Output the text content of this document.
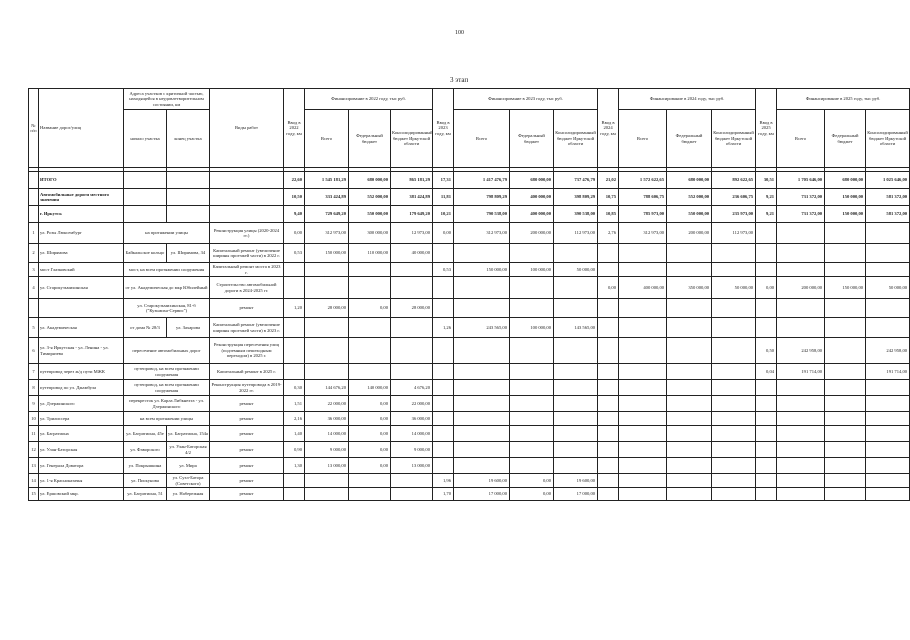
100
3 этап
№ п/п	Название дорог/улиц	Адреса участков с критичной частью, находящейся в неудовлетворительном состоянии, км		Виды работ	Ввод в 2022 году, км	Финансирование в 2022 году, тыс руб.			Ввод в 2023 году, км	Финансирование в 2023 году, тыс руб.			Ввод в 2024 году, км	Финансирование в 2024 году, тыс руб.			Ввод в 2025 году, км	Финансирование в 2025 году, тыс руб.		
		начало участка	конец участка			Всего	Федеральный бюджет	Консолидированный бюджет Иркутской области		Всего	Федеральный бюджет	Консолидированный бюджет Иркутской области		Всего	Федеральный бюджет	Консолидированный бюджет Иркутской области		Всего	Федеральный бюджет	Консолидированный бюджет Иркутской области

	ИТОГО				22,60	1 545 181,29	680 000,00	865 181,29	17,31	1 417 476,79	680 000,00	737 476,79	21,02	1 572 622,65	680 000,00	892 622,65	30,51	1 705 646,00	680 000,00	1 025 646,00
	Автомобильные дороги местного значения				10,50	333 424,89	552 000,00	381 424,89	11,81	798 809,29	400 000,00	398 809,29	10,75	788 606,75	552 000,00	236 606,75	9,21	731 372,00	150 000,00	581 372,00
	г. Иркутск				9,40	729 649,20	550 000,00	179 649,20	10,21	790 538,00	400 000,00	390 538,00	10,85	785 973,00	550 000,00	235 973,00	9,21	731 372,00	150 000,00	581 372,00
1	ул. Розы Люксембург	на протяжении улицы		Реконструкция улицы (2020-2024 гг.)	0,00	312 973,00	300 000,00	12 973,00	0,00	312 973,00	200 000,00	112 973,00	2,76	312 973,00	200 000,00	112 973,00				
2	ул. Ширямова	Байкальское кольцо	ул. Ширямова, 34	Капитальный ремонт (увеличение ширины проезжей части) в 2022 г.	0,53	150 000,00	110 000,00	40 000,00												
3	мост Глазковский	мост, на всем протяжении сооружения		Капитальный ремонт моста в 2023 г.					0,53	150 000,00	100 000,00	50 000,00								
4	ул. Старокузьмихинская	от ул. Академическая до мкр Юбилейный		Строительство автомобильной дороги в 2024-2025 гг.									0,00	400 000,00	350 000,00	50 000,00	0,00	200 000,00	150 000,00	50 000,00
		ул. Старокузьмихинская, 81-б ("Кузьмиха-Сервис")		ремонт	1,20	28 000,00	0,00	28 000,00												
5	ул. Академическая	от дома № 28/3	ул. Захарова	Капитальный ремонт (увеличение ширины проезжей части) в 2023 г.					1,26	243 565,00	100 000,00	143 565,00								
6	ул. 3-я Иркутская - ул. Ленина - ул. Тимирязева	пересечение автомобильных дорог		Реконструкция пересечения улиц (подземным пешеходным переходом) в 2025 г.													0,50	242 958,00		242 958,00
7	путепровод через ж/д пути МЖК	путепровод, на всем протяжении сооружения		Капитальный ремонт в 2025 г.													0,04	191 714,00		191 714,00
8	путепровод по ул. Джамбула	путепровод, на всем протяжении сооружения		Реконструкция путепровода в 2019-2022 гг.	0,30	144 676,20	140 000,00	4 676,20												
9	ул. Дзержинского	перекресток ул. Карла Либкнехта - ул. Дзержинского		ремонт	1,51	22 000,00	0,00	22 000,00												
10	ул. Трилиссера	на всем протяжении улицы		ремонт	2,16	36 000,00	0,00	36 000,00												
11	ул. Багратиона	ул. Багратиона, 45е	ул. Багратиона, 154а	ремонт	1,40	14 000,00	0,00	14 000,00												
12	ул. Улан-Баторская	ул. Фаворского	ул. Улан-Баторская 4/2	ремонт	0,90	9 000,00	0,00	9 000,00												
13	ул. Генерала Доватора	ул. Покрышкина	ул. Мира	ремонт	1,30	13 000,00	0,00	13 000,00												
14	ул. 1-я Красноказачья	ул. Пискунова	ул. Сухэ-Батора (Советского)	ремонт					1,96	19 600,00	0,00	19 600,00								
15	ул. Ершовский мкр.	ул. Багратиона, 51	ул. Набережная	ремонт					1,70	17 000,00	0,00	17 000,00								
